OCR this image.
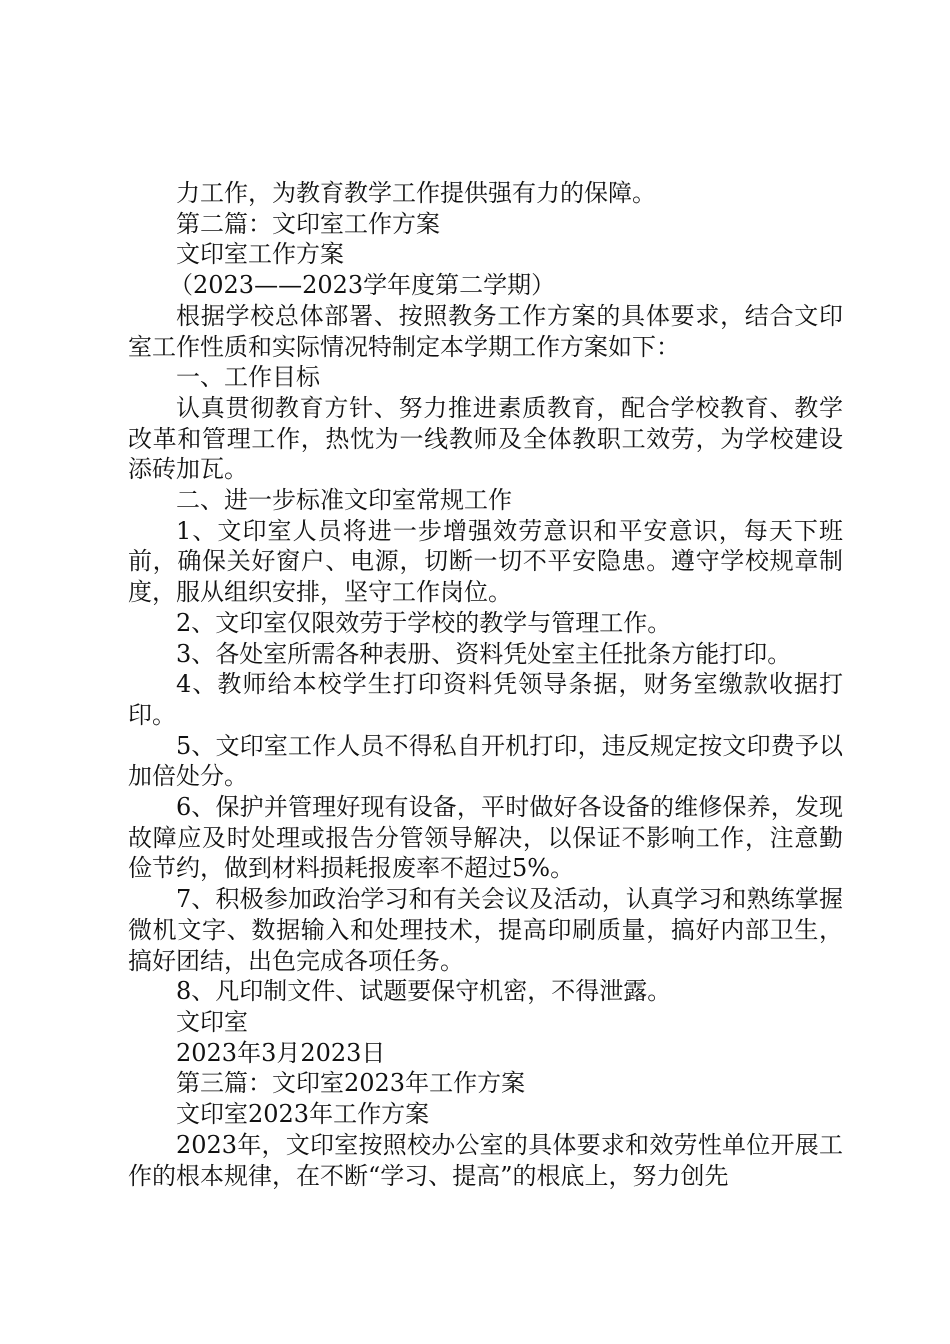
力工作，为教育教学工作提供强有力的保障。

第二篇：文印室工作方案

文印室工作方案

（2023——2023学年度第二学期）

根据学校总体部署、按照教务工作方案的具体要求，结合文印室工作性质和实际情况特制定本学期工作方案如下：

一、工作目标

认真贯彻教育方针、努力推进素质教育，配合学校教育、教学改革和管理工作，热忱为一线教师及全体教职工效劳，为学校建设添砖加瓦。

二、进一步标准文印室常规工作

1、文印室人员将进一步增强效劳意识和平安意识，每天下班前，确保关好窗户、电源，切断一切不平安隐患。遵守学校规章制度，服从组织安排，坚守工作岗位。

2、文印室仅限效劳于学校的教学与管理工作。

3、各处室所需各种表册、资料凭处室主任批条方能打印。

4、教师给本校学生打印资料凭领导条据，财务室缴款收据打印。

5、文印室工作人员不得私自开机打印，违反规定按文印费予以加倍处分。

6、保护并管理好现有设备，平时做好各设备的维修保养，发现故障应及时处理或报告分管领导解决，以保证不影响工作，注意勤俭节约，做到材料损耗报废率不超过5%。

7、积极参加政治学习和有关会议及活动，认真学习和熟练掌握微机文字、数据输入和处理技术，提高印刷质量，搞好内部卫生，搞好团结，出色完成各项任务。

8、凡印制文件、试题要保守机密，不得泄露。

文印室

2023年3月2023日

第三篇：文印室2023年工作方案

文印室2023年工作方案

2023年，文印室按照校办公室的具体要求和效劳性单位开展工作的根本规律，在不断“学习、提高”的根底上，努力创先
